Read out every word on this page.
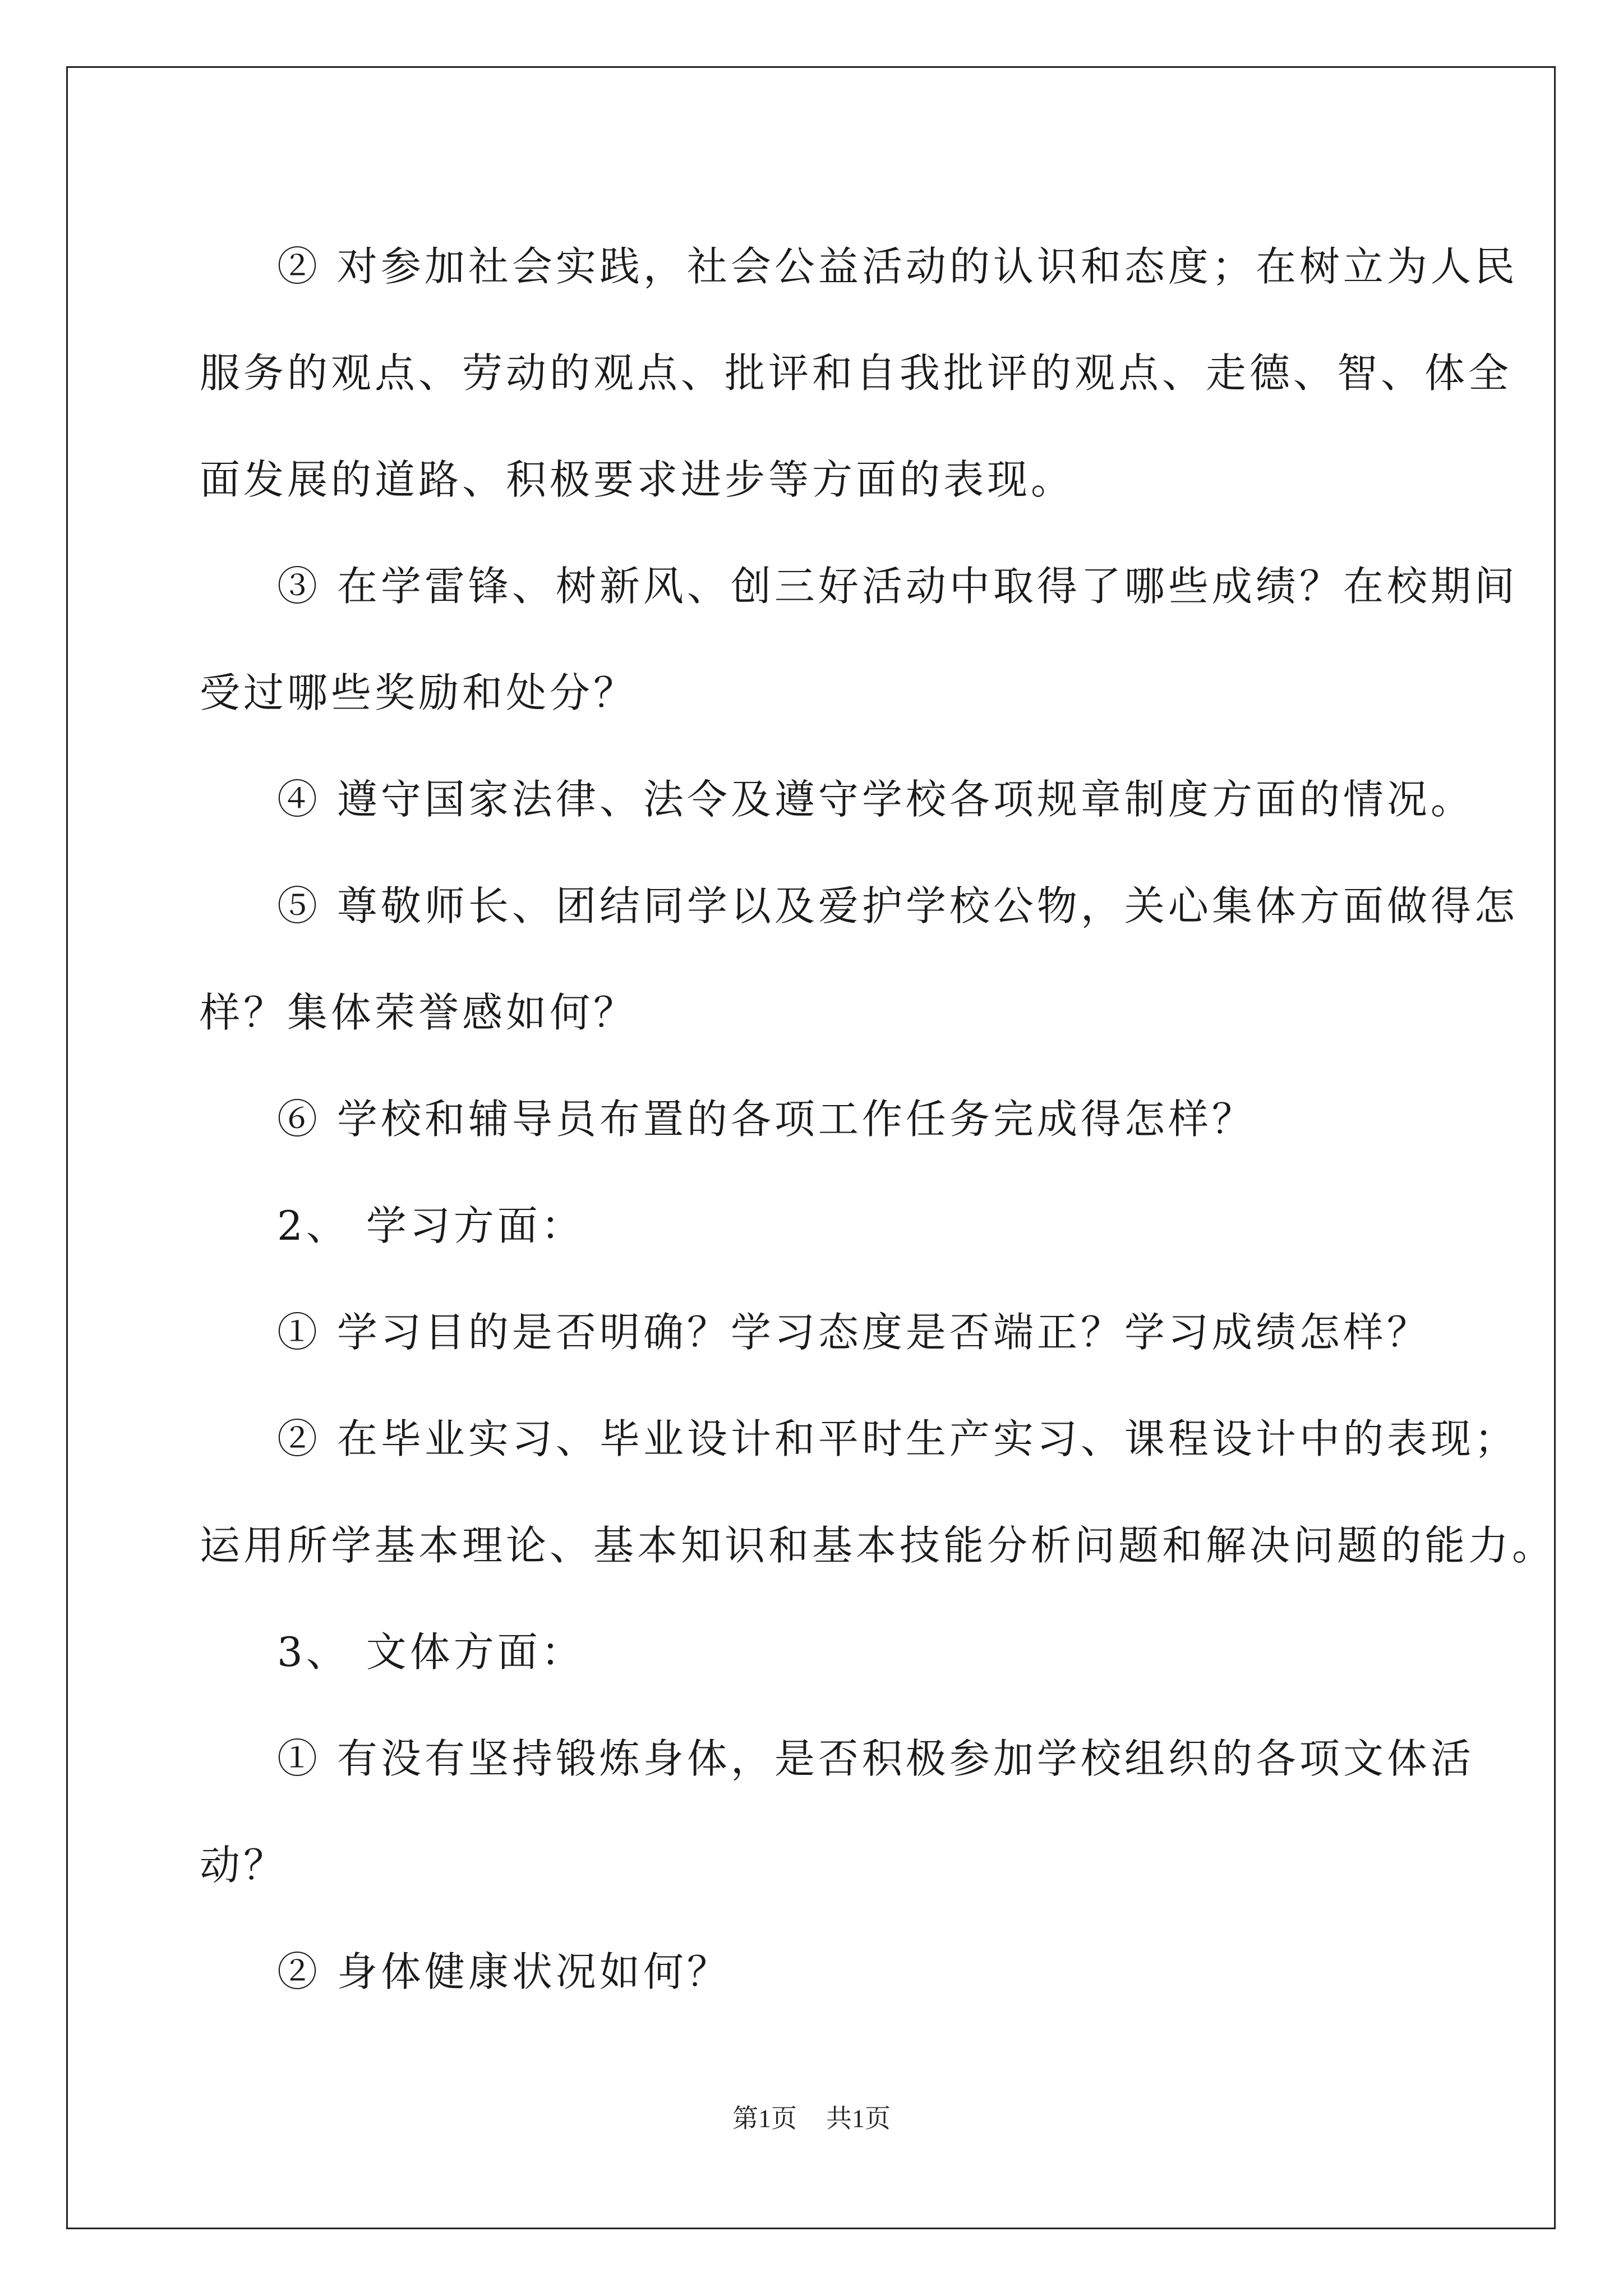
② 对参加社会实践，社会公益活动的认识和态度；在树立为人民

服务的观点、劳动的观点、批评和自我批评的观点、走德、智、体全

面发展的道路、积极要求进步等方面的表现。

③ 在学雷锋、树新风、创三好活动中取得了哪些成绩？在校期间

受过哪些奖励和处分？

④ 遵守国家法律、法令及遵守学校各项规章制度方面的情况。

⑤ 尊敬师长、团结同学以及爱护学校公物，关心集体方面做得怎

样？集体荣誉感如何？

⑥ 学校和辅导员布置的各项工作任务完成得怎样？

2、 学习方面：

① 学习目的是否明确？学习态度是否端正？学习成绩怎样？

② 在毕业实习、毕业设计和平时生产实习、课程设计中的表现；

运用所学基本理论、基本知识和基本技能分析问题和解决问题的能力。

3、 文体方面：

① 有没有坚持锻炼身体，是否积极参加学校组织的各项文体活

动？

② 身体健康状况如何？

第1页 共1页
